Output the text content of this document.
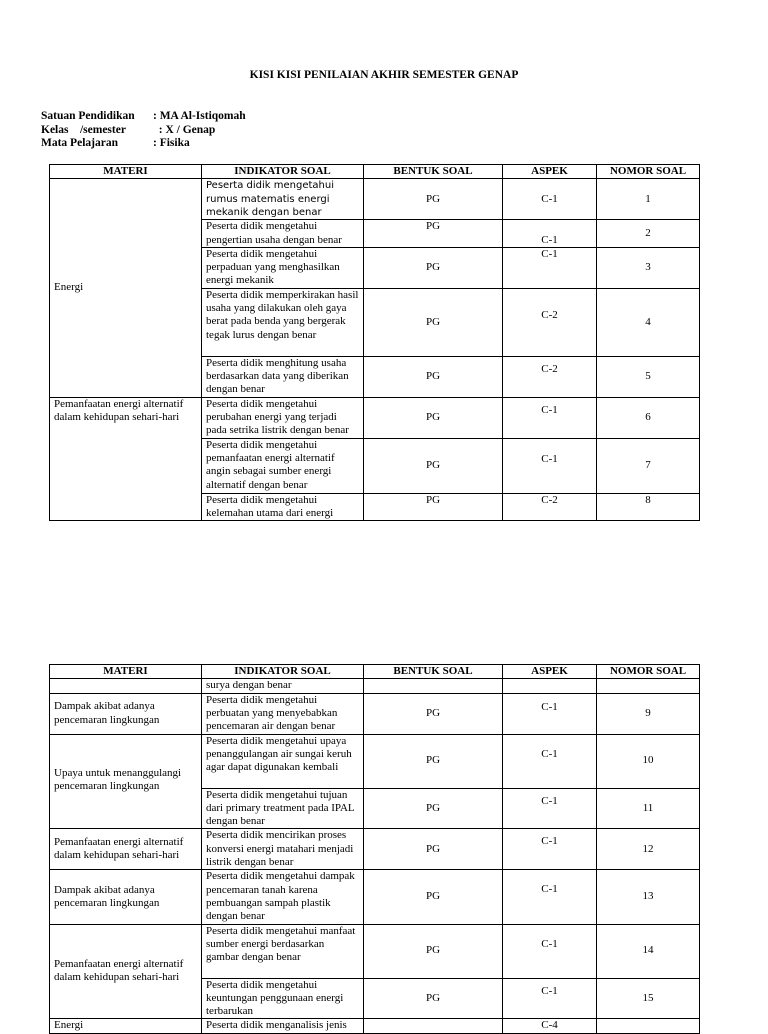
KISI KISI PENILAIAN AKHIR SEMESTER GENAP
Satuan Pendidikan	: MA Al-Istiqomah
Kelas    /semester	: X / Genap
Mata Pelajaran	: Fisika
MATERI	INDIKATOR SOAL	BENTUK SOAL	ASPEK	NOMOR SOAL
Energi	Peserta didik mengetahui rumus matematis energi mekanik dengan benar	PG	C-1	1
	Peserta didik mengetahui pengertian usaha dengan benar	PG	C-1	2
	Peserta didik mengetahui perpaduan yang menghasilkan energi mekanik	PG	C-1	3
	Peserta didik memperkirakan hasil usaha yang dilakukan oleh gaya berat pada benda yang bergerak tegak lurus dengan benar	PG	C-2	4
	Peserta didik menghitung usaha berdasarkan data yang diberikan dengan benar	PG	C-2	5
Pemanfaatan energi alternatif dalam kehidupan sehari-hari	Peserta didik mengetahui perubahan energi yang terjadi pada setrika listrik dengan benar	PG	C-1	6
	Peserta didik mengetahui pemanfaatan energi alternatif angin sebagai sumber energi alternatif dengan benar	PG	C-1	7
	Peserta didik mengetahui kelemahan utama dari energi	PG	C-2	8
MATERI	INDIKATOR SOAL	BENTUK SOAL	ASPEK	NOMOR SOAL
	surya dengan benar			
Dampak akibat adanya pencemaran lingkungan	Peserta didik mengetahui perbuatan yang menyebabkan pencemaran air dengan benar	PG	C-1	9
Upaya untuk menanggulangi pencemaran lingkungan	Peserta didik mengetahui upaya penanggulangan air sungai keruh agar dapat digunakan kembali	PG	C-1	10
	Peserta didik mengetahui tujuan dari primary treatment pada IPAL dengan benar	PG	C-1	11
Pemanfaatan energi alternatif dalam kehidupan sehari-hari	Peserta didik mencirikan proses konversi energi matahari menjadi listrik dengan benar	PG	C-1	12
Dampak akibat adanya pencemaran lingkungan	Peserta didik mengetahui dampak pencemaran tanah karena pembuangan sampah plastik dengan benar	PG	C-1	13
Pemanfaatan energi alternatif dalam kehidupan sehari-hari	Peserta didik mengetahui manfaat sumber energi berdasarkan gambar dengan benar	PG	C-1	14
	Peserta didik mengetahui keuntungan penggunaan energi terbarukan	PG	C-1	15
Energi	Peserta didik menganalisis jenis		C-4	
